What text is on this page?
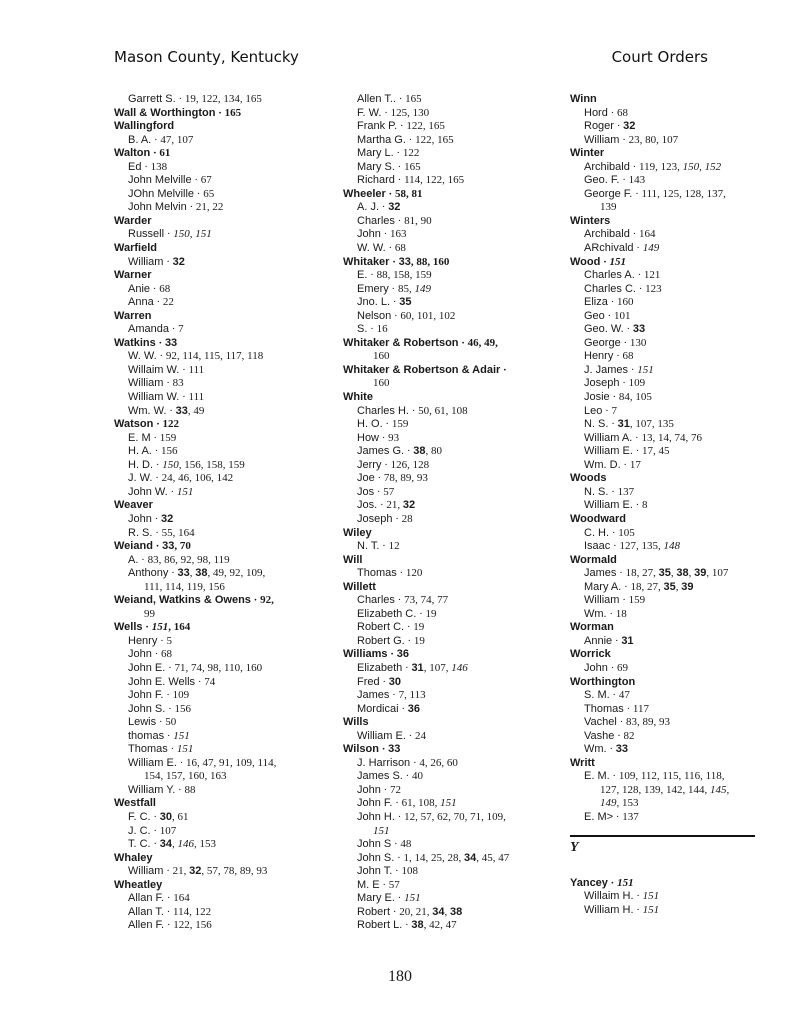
Mason County, Kentucky	Court Orders
Garrett S. · 19, 122, 134, 165
Wall & Worthington · 165
Wallingford
B. A. · 47, 107
Walton · 61
Ed · 138
John Melville · 67
JOhn Melville · 65
John Melvin · 21, 22
Warder
Russell · 150, 151
Warfield
William · 32
Warner
Anie · 68
Anna · 22
Warren
Amanda · 7
Watkins · 33
W. W. · 92, 114, 115, 117, 118
Willaim W. · 111
William · 83
William W. · 111
Wm. W. · 33, 49
Watson · 122
E. M · 159
H. A. · 156
H. D. · 150, 156, 158, 159
J. W. · 24, 46, 106, 142
John W. · 151
Weaver
John · 32
R. S. · 55, 164
Weiand · 33, 70
A. · 83, 86, 92, 98, 119
Anthony · 33, 38, 49, 92, 109,
111, 114, 119, 156
Weiand, Watkins & Owens · 92,
99
Wells · 151, 164
Henry · 5
John · 68
John E. · 71, 74, 98, 110, 160
John E. Wells · 74
John F. · 109
John S. · 156
Lewis · 50
thomas · 151
Thomas · 151
William E. · 16, 47, 91, 109, 114,
154, 157, 160, 163
William Y. · 88
Westfall
F. C. · 30, 61
J. C. · 107
T. C. · 34, 146, 153
Whaley
William · 21, 32, 57, 78, 89, 93
Wheatley
Allan F. · 164
Allan T. · 114, 122
Allen F. · 122, 156
Allen T.. · 165
F. W. · 125, 130
Frank P. · 122, 165
Martha G. · 122, 165
Mary L. · 122
Mary S. · 165
Richard · 114, 122, 165
Wheeler · 58, 81
A. J. · 32
Charles · 81, 90
John · 163
W. W. · 68
Whitaker · 33, 88, 160
E. · 88, 158, 159
Emery · 85, 149
Jno. L. · 35
Nelson · 60, 101, 102
S. · 16
Whitaker & Robertson · 46, 49,
160
Whitaker & Robertson & Adair ·
160
White
Charles H. · 50, 61, 108
H. O. · 159
How · 93
James G. · 38, 80
Jerry · 126, 128
Joe · 78, 89, 93
Jos · 57
Jos. · 21, 32
Joseph · 28
Wiley
N. T. · 12
Will
Thomas · 120
Willett
Charles · 73, 74, 77
Elizabeth C. · 19
Robert C. · 19
Robert G. · 19
Williams · 36
Elizabeth · 31, 107, 146
Fred · 30
James · 7, 113
Mordicai · 36
Wills
William E. · 24
Wilson · 33
J. Harrison · 4, 26, 60
James S. · 40
John · 72
John F. · 61, 108, 151
John H. · 12, 57, 62, 70, 71, 109,
151
John S · 48
John S. · 1, 14, 25, 28, 34, 45, 47
John T. · 108
M. E · 57
Mary E. · 151
Robert · 20, 21, 34, 38
Robert L. · 38, 42, 47
Winn
Hord · 68
Roger · 32
William · 23, 80, 107
Winter
Archibald · 119, 123, 150, 152
Geo. F. · 143
George F. · 111, 125, 128, 137,
139
Winters
Archibald · 164
ARchivald · 149
Wood · 151
Charles A. · 121
Charles C. · 123
Eliza · 160
Geo · 101
Geo. W. · 33
George · 130
Henry · 68
J. James · 151
Joseph · 109
Josie · 84, 105
Leo · 7
N. S. · 31, 107, 135
William A. · 13, 14, 74, 76
William E. · 17, 45
Wm. D. · 17
Woods
N. S. · 137
William E. · 8
Woodward
C. H. · 105
Isaac · 127, 135, 148
Wormald
James · 18, 27, 35, 38, 39, 107
Mary A. · 18, 27, 35, 39
William · 159
Wm. · 18
Worman
Annie · 31
Worrick
John · 69
Worthington
S. M. · 47
Thomas · 117
Vachel · 83, 89, 93
Vashe · 82
Wm. · 33
Writt
E. M. · 109, 112, 115, 116, 118,
127, 128, 139, 142, 144, 145,
149, 153
E. M> · 137
Y
Yancey · 151
Willaim H. · 151
William H. · 151
180
